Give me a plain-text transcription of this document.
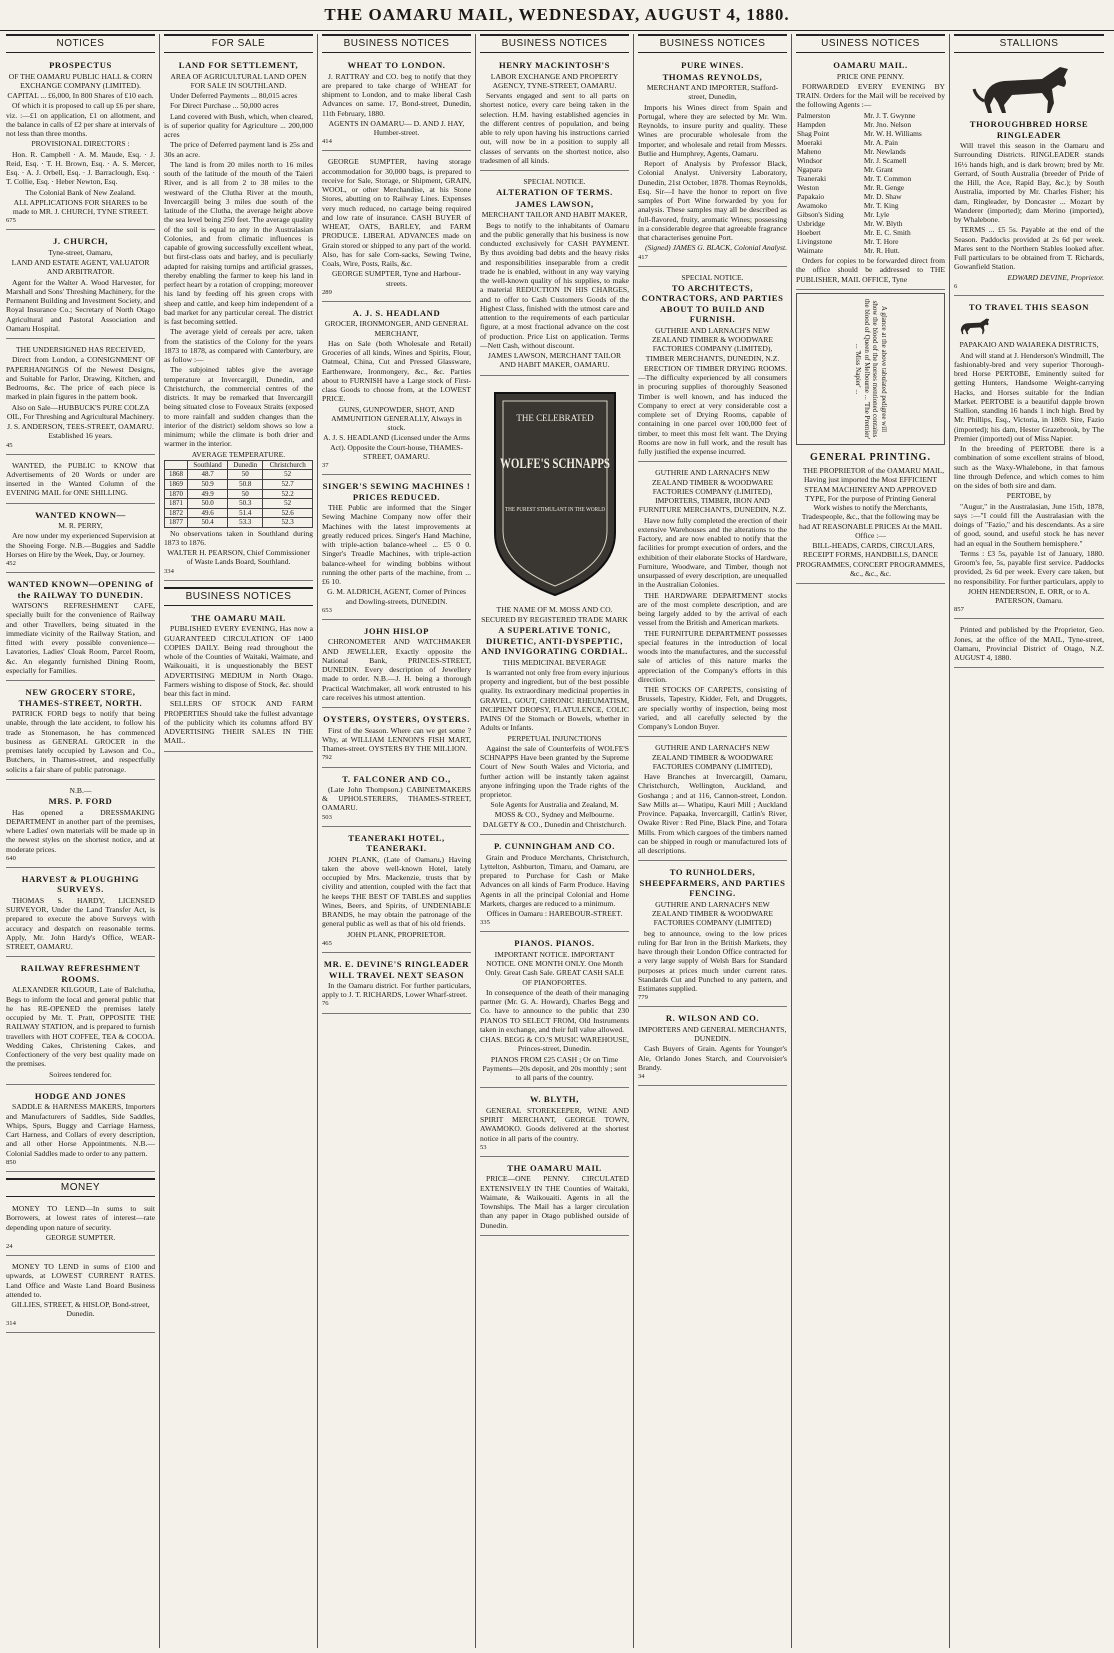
THE OAMARU MAIL, WEDNESDAY, AUGUST 4, 1880.
NOTICES
PROSPECTUS
OF THE OAMARU PUBLIC HALL & CORN EXCHANGE COMPANY (LIMITED).
CAPITAL ... £6,000, In 800 Shares of £10 each.

Of which it is proposed to call up £6 per share, viz. :—£1 on application, £1 on allotment, and the balance in calls of £2 per share at intervals of not less than three months.

PROVISIONAL DIRECTORS :

Hon. R. Campbell · A. M. Maude, Esq. · J. Reid, Esq. · T. H. Brown, Esq. · A. S. Mercer, Esq. · A. J. Orbell, Esq. · J. Barraclough, Esq. · T. Collie, Esq. · Heber Newton, Esq.

The Colonial Bank of New Zealand.
ALL APPLICATIONS FOR SHARES to be made to MR. J. CHURCH, TYNE STREET.
675
J. CHURCH,
Tyne-street, Oamaru,
LAND AND ESTATE AGENT, VALUATOR AND ARBITRATOR.

Agent for the Walter A. Wood Harvester, for Marshall and Sons' Threshing Machinery, for the Permanent Building and Investment Society, and Royal Insurance Co.; Secretary of North Otago Agricultural and Pastoral Association and Oamaru Hospital.

THE UNDERSIGNED HAS RECEIVED,

Direct from London, a CONSIGNMENT OF PAPERHANGINGS Of the Newest Designs, and Suitable for Parlor, Drawing, Kitchen, and Bedrooms, &c. The price of each piece is marked in plain figures in the pattern book.

Also on Sale—HUBBUCK'S PURE COLZA OIL, For Threshing and Agricultural Machinery.
J. S. ANDERSON, TEES-STREET, OAMARU. Established 16 years.
45

WANTED, the PUBLIC to KNOW that Advertisements of 20 Words or under are inserted in the Wanted Column of the EVENING MAIL for ONE SHILLING.

WANTED KNOWN—
M. R. PERRY,

Are now under my experienced Supervision at the Shoeing Forge. N.B.—Buggies and Saddle Horses on Hire by the Week, Day, or Journey.

452
WANTED KNOWN—OPENING of the RAILWAY TO DUNEDIN.

WATSON'S REFRESHMENT CAFE, specially built for the convenience of Railway and other Travellers, being situated in the immediate vicinity of the Railway Station, and fitted with every possible convenience—Lavatories, Ladies' Cloak Room, Parcel Room, &c. An elegantly furnished Dining Room, especially for Families.

NEW GROCERY STORE, THAMES-STREET, NORTH.

PATRICK FORD begs to notify that being unable, through the late accident, to follow his trade as Stonemason, he has commenced business as GENERAL GROCER in the premises lately occupied by Lawson and Co., Butchers, in Thames-street, and respectfully solicits a fair share of public patronage.

N.B.—
MRS. P. FORD

Has opened a DRESSMAKING DEPARTMENT in another part of the premises, where Ladies' own materials will be made up in the newest styles on the shortest notice, and at moderate prices.

640
HARVEST & PLOUGHING SURVEYS.

THOMAS S. HARDY, LICENSED SURVEYOR, Under the Land Transfer Act, is prepared to execute the above Surveys with accuracy and despatch on reasonable terms. Apply, Mr. John Hardy's Office, WEAR-STREET, OAMARU.

RAILWAY REFRESHMENT ROOMS.

ALEXANDER KILGOUR, Late of Balclutha, Begs to inform the local and general public that he has RE-OPENED the premises lately occupied by Mr. T. Pratt, OPPOSITE THE RAILWAY STATION, and is prepared to furnish travellers with HOT COFFEE, TEA & COCOA. Wedding Cakes, Christening Cakes, and Confectionery of the very best quality made on the premises.

Soirees tendered for.
HODGE AND JONES

SADDLE & HARNESS MAKERS, Importers and Manufacturers of Saddles, Side Saddles, Whips, Spurs, Buggy and Carriage Harness, Cart Harness, and Collars of every description, and all other Horse Appointments. N.B.—Colonial Saddles made to order to any pattern.

850
MONEY

MONEY TO LEND—In sums to suit Borrowers, at lowest rates of interest—rate depending upon nature of security.

GEORGE SUMPTER.
24

MONEY TO LEND in sums of £100 and upwards, at LOWEST CURRENT RATES. Land Office and Waste Land Board Business attended to.

GILLIES, STREET, & HISLOP, Bond-street, Dunedin.
314
FOR SALE
LAND FOR SETTLEMENT,
AREA OF AGRICULTURAL LAND OPEN FOR SALE IN SOUTHLAND.

Under Deferred Payments ... 80,015 acres

For Direct Purchase ... 50,000 acres

Land covered with Bush, which, when cleared, is of superior quality for Agriculture ... 200,000 acres

The price of Deferred payment land is 25s and 30s an acre.

The land is from 20 miles north to 16 miles south of the latitude of the mouth of the Taieri River, and is all from 2 to 38 miles to the westward of the Clutha River at the mouth, Invercargill being 3 miles due south of the latitude of the Clutha, the average height above the sea level being 250 feet. The average quality of the soil is equal to any in the Australasian Colonies, and from climatic influences is capable of growing successfully excellent wheat, but first-class oats and barley, and is peculiarly adapted for raising turnips and artificial grasses, thereby enabling the farmer to keep his land in perfect heart by a rotation of cropping; moreover his land by feeding off his green crops with sheep and cattle, and keep him independent of a bad market for any particular cereal. The district is fast becoming settled.

The average yield of cereals per acre, taken from the statistics of the Colony for the years 1873 to 1878, as compared with Canterbury, are as follow :—

The subjoined tables give the average temperature at Invercargill, Dunedin, and Christchurch, the commercial centres of the districts. It may be remarked that Invercargill being situated close to Foveaux Straits (exposed to more rainfall and sudden changes than the interior of the district) seldom shows so low a minimum; while the climate is both drier and warmer in the interior.

AVERAGE TEMPERATURE.
	Southland	Dunedin	Christchurch
1868	48.7	50	52
1869	50.9	50.8	52.7
1870	49.9	50	52.2
1871	50.0	50.3	52
1872	49.6	51.4	52.6
1877	50.4	53.3	52.3

No observations taken in Southland during 1873 to 1876.

WALTER H. PEARSON, Chief Commissioner of Waste Lands Board, Southland.
334
BUSINESS NOTICES
THE OAMARU MAIL

PUBLISHED EVERY EVENING, Has now a GUARANTEED CIRCULATION OF 1400 COPIES DAILY. Being read throughout the whole of the Counties of Waitaki, Waimate, and Waikouaiti, it is unquestionably the BEST ADVERTISING MEDIUM in North Otago. Farmers wishing to dispose of Stock, &c. should bear this fact in mind.

SELLERS OF STOCK AND FARM PROPERTIES Should take the fullest advantage of the publicity which its columns afford BY ADVERTISING THEIR SALES IN THE MAIL.

BUSINESS NOTICES
WHEAT TO LONDON.

J. RATTRAY and CO. beg to notify that they are prepared to take charge of WHEAT for shipment to London, and to make liberal Cash Advances on same. 17, Bond-street, Dunedin, 11th February, 1880.

AGENTS IN OAMARU— D. AND J. HAY, Humber-street.
414

GEORGE SUMPTER, having storage accommodation for 30,000 bags, is prepared to receive for Sale, Storage, or Shipment, GRAIN, WOOL, or other Merchandise, at his Stone Stores, abutting on to Railway Lines. Expenses very much reduced, no cartage being required and low rate of insurance. CASH BUYER of WHEAT, OATS, BARLEY, and FARM PRODUCE. LIBERAL ADVANCES made on Grain stored or shipped to any part of the world. Also, has for sale Corn-sacks, Sewing Twine, Coals, Wire, Posts, Rails, &c.

GEORGE SUMPTER, Tyne and Harbour-streets.
289
A. J. S. HEADLAND
GROCER, IRONMONGER, AND GENERAL MERCHANT,

Has on Sale (both Wholesale and Retail) Groceries of all kinds, Wines and Spirits, Flour, Oatmeal, China, Cut and Pressed Glassware, Earthenware, Ironmongery, &c., &c. Parties about to FURNISH have a Large stock of First-class Goods to choose from, at the LOWEST PRICE.

GUNS, GUNPOWDER, SHOT, AND AMMUNITION GENERALLY, Always in stock.
A. J. S. HEADLAND (Licensed under the Arms Act). Opposite the Court-house, THAMES-STREET, OAMARU.
37
SINGER'S SEWING MACHINES ! PRICES REDUCED.

THE Public are informed that the Singer Sewing Machine Company now offer their Machines with the latest improvements at greatly reduced prices. Singer's Hand Machine, with triple-action balance-wheel ... £5 0 0. Singer's Treadle Machines, with triple-action balance-wheel for winding bobbins without running the other parts of the machine, from ... £6 10.

G. M. ALDRICH, AGENT, Corner of Princes and Dowling-streets, DUNEDIN.
653
JOHN HISLOP

CHRONOMETER AND WATCHMAKER AND JEWELLER, Exactly opposite the National Bank, PRINCES-STREET, DUNEDIN. Every description of Jewellery made to order. N.B.—J. H. being a thorough Practical Watchmaker, all work entrusted to his care receives his utmost attention.

OYSTERS, OYSTERS, OYSTERS.

First of the Season. Where can we get some ? Why, at WILLIAM LENNON'S FISH MART, Thames-street. OYSTERS BY THE MILLION.

792
T. FALCONER AND CO.,

(Late John Thompson.) CABINETMAKERS & UPHOLSTERERS, THAMES-STREET, OAMARU.

503
TEANERAKI HOTEL, TEANERAKI.

JOHN PLANK, (Late of Oamaru,) Having taken the above well-known Hotel, lately occupied by Mrs. Mackenzie, trusts that by civility and attention, coupled with the fact that he keeps THE BEST OF TABLES and supplies Wines, Beers, and Spirits, of UNDENIABLE BRANDS, he may obtain the patronage of the general public as well as that of his old friends.

JOHN PLANK, PROPRIETOR.
465
MR. E. DEVINE'S RINGLEADER WILL TRAVEL NEXT SEASON

In the Oamaru district. For further particulars, apply to J. T. RICHARDS, Lower Wharf-street.

76
BUSINESS NOTICES
HENRY MACKINTOSH'S
LABOR EXCHANGE AND PROPERTY AGENCY, TYNE-STREET, OAMARU.

Servants engaged and sent to all parts on shortest notice, every care being taken in the selection. H.M. having established agencies in the different centres of population, and being able to rely upon having his instructions carried out, will now be in a position to supply all classes of servants on the shortest notice, also tradesmen of all kinds.

SPECIAL NOTICE.
ALTERATION OF TERMS.
JAMES LAWSON,
MERCHANT TAILOR AND HABIT MAKER,

Begs to notify to the inhabitants of Oamaru and the public generally that his business is now conducted exclusively for CASH PAYMENT. By thus avoiding bad debts and the heavy risks and responsibilities inseparable from a credit trade he is enabled, without in any way varying the well-known quality of his supplies, to make a material REDUCTION IN HIS CHARGES, and to offer to Cash Customers Goods of the Highest Class, finished with the utmost care and attention to the requirements of each particular figure, at a most fractional advance on the cost of production. Price List on application. Terms—Nett Cash, without discount.

JAMES LAWSON, MERCHANT TAILOR AND HABIT MAKER, OAMARU.
THE CELEBRATED
WOLFE'S SCHNAPPS
THE PUREST STIMULANT IN THE WORLD
THE NAME OF M. MOSS AND CO.
SECURED BY REGISTERED TRADE MARK
A SUPERLATIVE TONIC, DIURETIC, ANTI-DYSPEPTIC, AND INVIGORATING CORDIAL.
THIS MEDICINAL BEVERAGE

Is warranted not only free from every injurious property and ingredient, but of the best possible quality. Its extraordinary medicinal properties in GRAVEL, GOUT, CHRONIC RHEUMATISM, INCIPIENT DROPSY, FLATULENCE, COLIC PAINS Of the Stomach or Bowels, whether in Adults or Infants.

PERPETUAL INJUNCTIONS

Against the sale of Counterfeits of WOLFE'S SCHNAPPS Have been granted by the Supreme Court of New South Wales and Victoria, and further action will be instantly taken against anyone infringing upon the Trade rights of the proprietor.

Sole Agents for Australia and Zealand, M. MOSS & CO., Sydney and Melbourne.
DALGETY & CO., Dunedin and Christchurch.
P. CUNNINGHAM AND CO.

Grain and Produce Merchants, Christchurch, Lyttelton, Ashburton, Timaru, and Oamaru, are prepared to Purchase for Cash or Make Advances on all kinds of Farm Produce. Having Agents in all the principal Colonial and Home Markets, charges are reduced to a minimum.

Offices in Oamaru : HAREBOUR-STREET.
335
PIANOS. PIANOS.
IMPORTANT NOTICE. IMPORTANT NOTICE. ONE MONTH ONLY. One Month Only. Great Cash Sale. GREAT CASH SALE OF PIANOFORTES.

In consequence of the death of their managing partner (Mr. G. A. Howard), Charles Begg and Co. have to announce to the public that 230 PIANOS TO SELECT FROM, Old Instruments taken in exchange, and their full value allowed.

CHAS. BEGG & CO.'S MUSIC WAREHOUSE, Princes-street, Dunedin.
PIANOS FROM £25 CASH ; Or on Time Payments—20s deposit, and 20s monthly ; sent to all parts of the country.
W. BLYTH,

GENERAL STOREKEEPER, WINE AND SPIRIT MERCHANT, GEORGE TOWN, AWAMOKO. Goods delivered at the shortest notice in all parts of the country.

53
THE OAMARU MAIL

PRICE—ONE PENNY. CIRCULATED EXTENSIVELY IN THE Counties of Waitaki, Waimate, & Waikouaiti. Agents in all the Townships. The Mail has a larger circulation than any paper in Otago published outside of Dunedin.

BUSINESS NOTICES
PURE WINES.
THOMAS REYNOLDS,
MERCHANT AND IMPORTER, Stafford-street, Dunedin,

Imports his Wines direct from Spain and Portugal, where they are selected by Mr. Wm. Reynolds, to insure purity and quality. These Wines are procurable wholesale from the Importer, and wholesale and retail from Messrs. Butlie and Humphrey, Agents, Oamaru.

Report of Analysis by Professor Black, Colonial Analyst. University Laboratory, Dunedin, 21st October, 1878. Thomas Reynolds, Esq. Sir—I have the honor to report on five samples of Port Wine forwarded by you for analysis. These samples may all be described as full-flavored, fruity, aromatic Wines; possessing in a considerable degree that agreeable fragrance that characterises genuine Port.

(Signed) JAMES G. BLACK, Colonial Analyst.
417
SPECIAL NOTICE.
TO ARCHITECTS, CONTRACTORS, AND PARTIES ABOUT TO BUILD AND FURNISH.
GUTHRIE AND LARNACH'S NEW ZEALAND TIMBER & WOODWARE FACTORIES COMPANY (LIMITED), TIMBER MERCHANTS, DUNEDIN, N.Z.

ERECTION OF TIMBER DRYING ROOMS.—The difficulty experienced by all consumers in procuring supplies of thoroughly Seasoned Timber is well known, and has induced the Company to erect at very considerable cost a complete set of Drying Rooms, capable of containing in one parcel over 100,000 feet of timber, to meet this most felt want. The Drying Rooms are now in full work, and the result has fully justified the expense incurred.

GUTHRIE AND LARNACH'S NEW ZEALAND TIMBER & WOODWARE FACTORIES COMPANY (LIMITED), IMPORTERS, TIMBER, IRON AND FURNITURE MERCHANTS, DUNEDIN, N.Z.

Have now fully completed the erection of their extensive Warehouses and the alterations to the Factory, and are now enabled to notify that the facilities for prompt execution of orders, and the exhibition of their elaborate Stocks of Hardware, Furniture, Woodware, and Timber, though not unsurpassed of every description, are unequalled in the Australian Colonies.

THE HARDWARE DEPARTMENT stocks are of the most complete description, and are being largely added to by the arrival of each vessel from the British and American markets.

THE FURNITURE DEPARTMENT possesses special features in the introduction of local woods into the manufactures, and the successful sale of articles of this nature marks the appreciation of the Company's efforts in this direction.

THE STOCKS OF CARPETS, consisting of Brussels, Tapestry, Kidder, Felt, and Druggets, are specially worthy of inspection, being most varied, and all carefully selected by the Company's London Buyer.

GUTHRIE AND LARNACH'S NEW ZEALAND TIMBER & WOODWARE FACTORIES COMPANY (LIMITED),

Have Branches at Invercargill, Oamaru, Christchurch, Wellington, Auckland, and Goshanga ; and at 116, Cannon-street, London. Saw Mills at— Whatipu, Kauri Mill ; Auckland Province. Papaaka, Invercargill, Catlin's River, Owake River : Red Pine, Black Pine, and Totara Mills. From which cargoes of the timbers named can be shipped in rough or manufactured lots of all descriptions.

TO RUNHOLDERS, SHEEPFARMERS, AND PARTIES FENCING.
GUTHRIE AND LARNACH'S NEW ZEALAND TIMBER & WOODWARE FACTORIES COMPANY (LIMITED)

beg to announce, owing to the low prices ruling for Bar Iron in the British Markets, they have through their London Office contracted for a very large supply of Welsh Bars for Standard purposes at prices much under current rates. Standards Cut and Punched to any pattern, and Estimates supplied.

779
R. WILSON AND CO.
IMPORTERS AND GENERAL MERCHANTS, DUNEDIN.

Cash Buyers of Grain. Agents for Younger's Ale, Orlando Jones Starch, and Courvoisier's Brandy.

34
USINESS NOTICES
OAMARU MAIL.
PRICE ONE PENNY.

FORWARDED EVERY EVENING BY TRAIN. Orders for the Mail will be received by the following Agents :—

Palmerston	Mr. J. T. Gwynne
Hampden	Mr. Jno. Nelson
Shag Point	Mr. W. H. Williams
Moeraki	Mr. A. Pain
Maheno	Mr. Newlands
Windsor	Mr. J. Scamell
Ngapara	Mr. Grant
Teaneraki	Mr. T. Common
Weston	Mr. R. Genge
Papakaio	Mr. D. Shaw
Awamoko	Mr. T. King
Gibson's Siding	Mr. Lyle
Uxbridge	Mr. W. Blyth
Hoebert	Mr. E. C. Smith
Livingstone	Mr. T. Hore
Waimate	Mr. R. Hutt.

Orders for copies to be forwarded direct from the office should be addressed to THE PUBLISHER, MAIL OFFICE, Tyne

A glance at the above tabulated pedigree will show the blood of the horses mentioned contains the blood of Queen of Melbourne ... 'The Premier' ... 'Miss Napier' ...
GENERAL PRINTING.

THE PROPRIETOR of the OAMARU MAIL, Having just imported the Most EFFICIENT STEAM MACHINERY AND APPROVED TYPE, For the purpose of Printing General Work wishes to notify the Merchants, Tradespeople, &c., that the following may be had AT REASONABLE PRICES At the MAIL Office :—

BILL-HEADS, CARDS, CIRCULARS, RECEIPT FORMS, HANDBILLS, DANCE PROGRAMMES, CONCERT PROGRAMMES, &c., &c., &c.

STALLIONS
THOROUGHBRED HORSE RINGLEADER

Will travel this season in the Oamaru and Surrounding Districts. RINGLEADER stands 16½ hands high, and is dark brown; bred by Mr. Gerrard, of South Australia (breeder of Pride of the Hill, the Ace, Rapid Bay, &c.); by South Australia, imported by Mr. Charles Fisher; his dam, Ringleader, by Doncaster ... Mozart by Wanderer (imported); dam Merino (imported), by Whalebone.

TERMS ... £5 5s. Payable at the end of the Season. Paddocks provided at 2s 6d per week. Mares sent to the Northern Stables looked after. Full particulars to be obtained from T. Richards, Gowanfield Station.

EDWARD DEVINE, Proprietor.
6
TO TRAVEL THIS SEASON
PAPAKAIO AND WAIAREKA DISTRICTS,

And will stand at J. Henderson's Windmill, The fashionably-bred and very superior Thorough-bred Horse PERTOBE, Eminently suited for getting Hunters, Handsome Weight-carrying Hacks, and Horses suitable for the Indian Market. PERTOBE is a beautiful dapple brown Stallion, standing 16 hands 1 inch high. Bred by Mr. Phillips, Esq., Victoria, in 1869. Sire, Fazio (imported); his dam, Hester Grazebrook, by The Premier (imported) out of Miss Napier.

In the breeding of PERTOBE there is a combination of some excellent strains of blood, such as the Waxy-Whalebone, in that famous line through Defence, and which comes to him on the sides of both sire and dam.

PERTOBE, by

"Augur," in the Australasian, June 15th, 1878, says :—"I could fill the Australasian with the doings of "Fazio," and his descendants. As a sire of good, sound, and useful stock he has never had an equal in the Southern hemisphere."

Terms : £3 5s, payable 1st of January, 1880. Groom's fee, 5s, payable first service. Paddocks provided, 2s 6d per week. Every care taken, but no responsibility. For further particulars, apply to

JOHN HENDERSON, E. ORR, or to A. PATERSON, Oamaru.
857

Printed and published by the Proprietor, Geo. Jones, at the office of the MAIL, Tyne-street, Oamaru, Provincial District of Otago, N.Z. AUGUST 4, 1880.
